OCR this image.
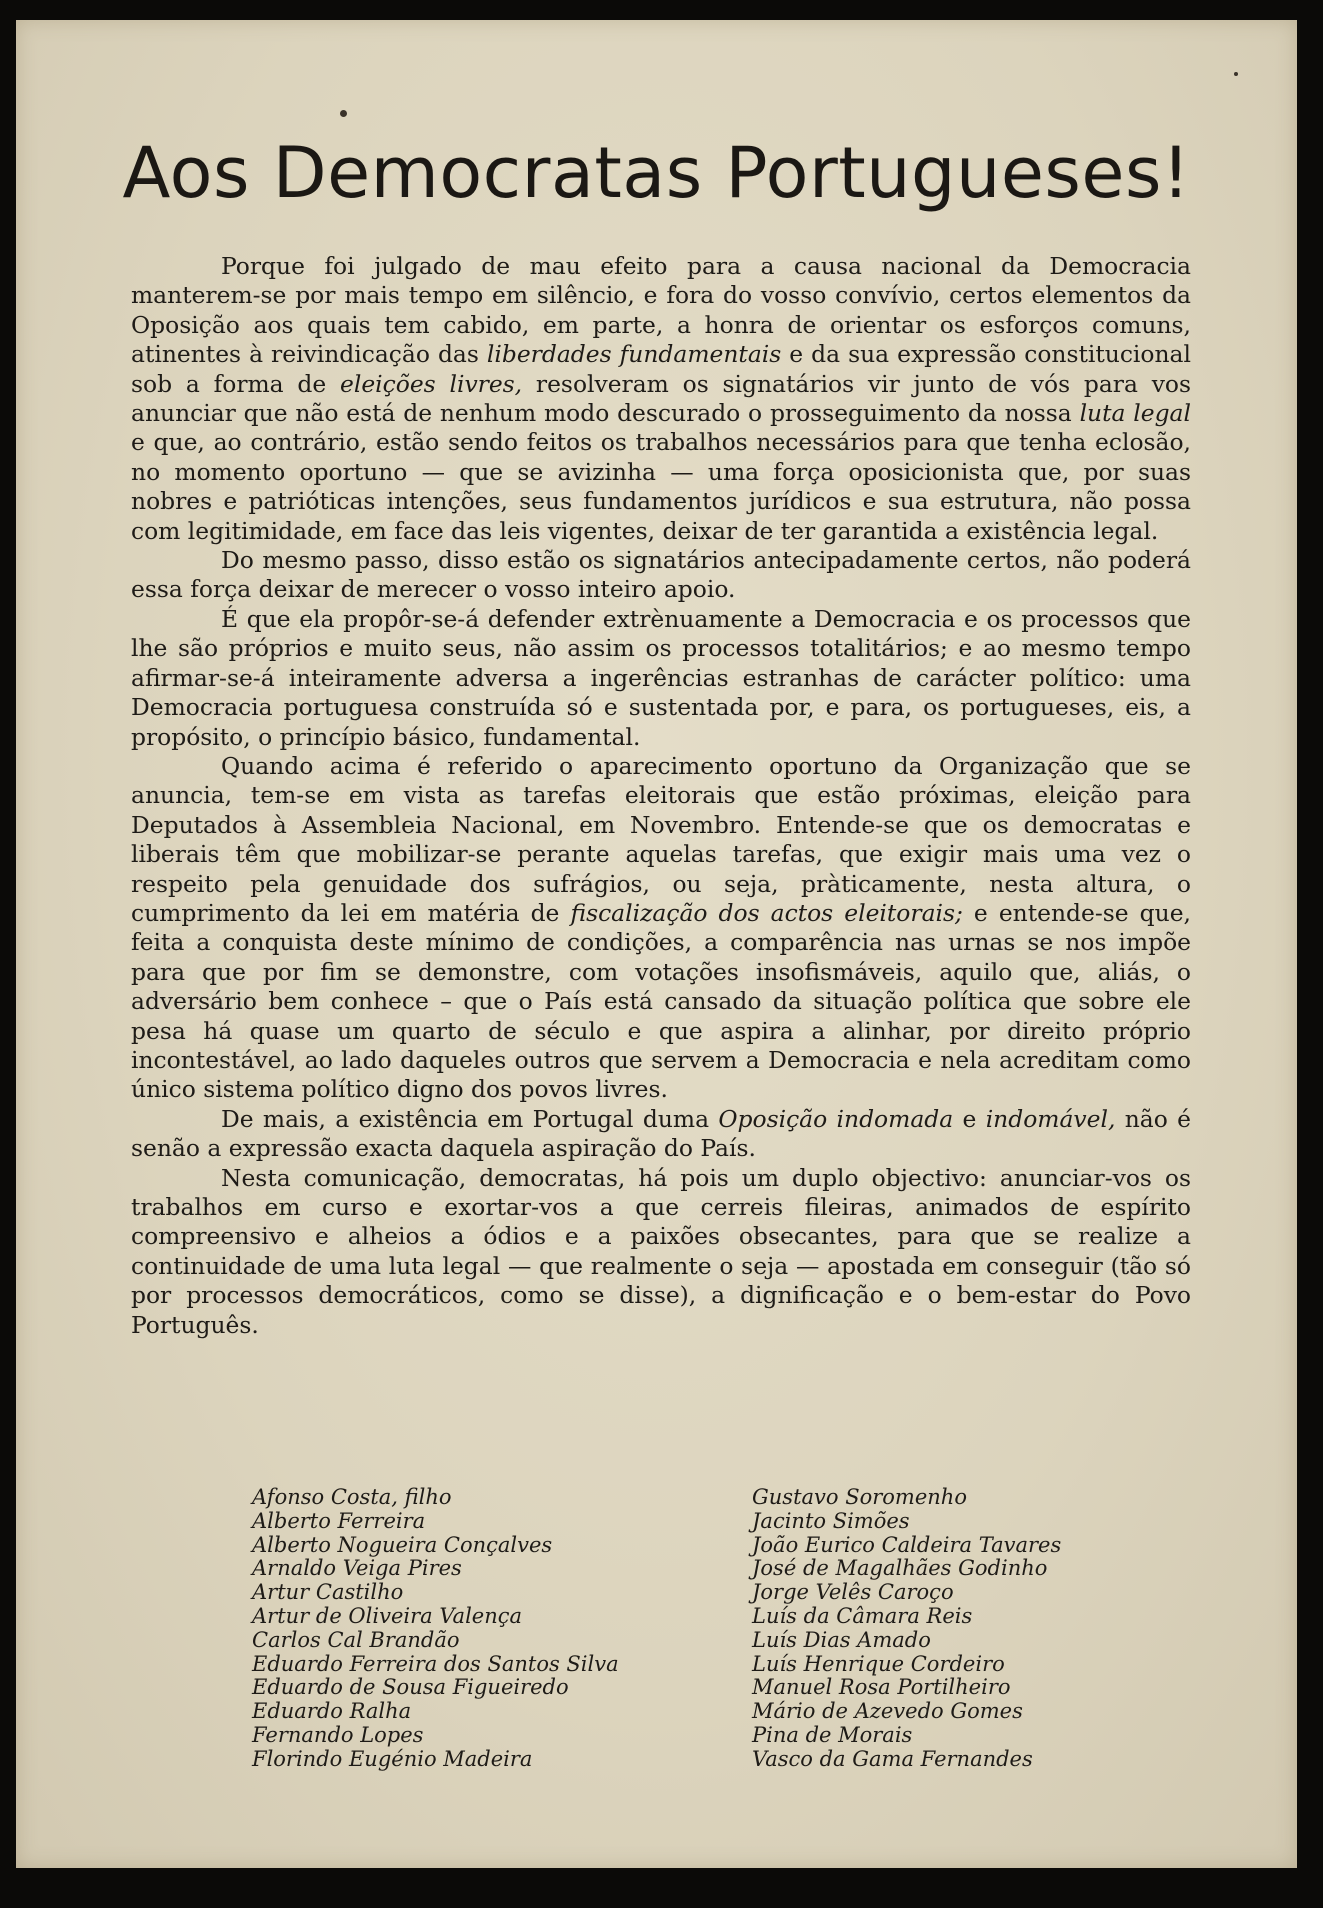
Aos Democratas Portugueses!

Porque foi julgado de mau efeito para a causa nacional da Democracia manterem-se por mais tempo em silêncio, e fora do vosso convívio, certos elementos da Oposição aos quais tem cabido, em parte, a honra de orientar os esforços comuns, atinentes à reivindicação das liberdades fundamentais e da sua expressão constitucional sob a forma de eleições livres, resolveram os signatários vir junto de vós para vos anunciar que não está de nenhum modo descurado o prosseguimento da nossa luta legal e que, ao contrário, estão sendo feitos os trabalhos necessários para que tenha eclosão, no momento oportuno — que se avizinha — uma força oposicionista que, por suas nobres e patrióticas intenções, seus fundamentos jurídicos e sua estrutura, não possa com legitimidade, em face das leis vigentes, deixar de ter garantida a existência legal.

Do mesmo passo, disso estão os signatários antecipadamente certos, não poderá essa força deixar de merecer o vosso inteiro apoio.

É que ela propôr-se-á defender extrènuamente a Democracia e os processos que lhe são próprios e muito seus, não assim os processos totalitários; e ao mesmo tempo afirmar-se-á inteiramente adversa a ingerências estranhas de carácter político: uma Democracia portuguesa construída só e sustentada por, e para, os portugueses, eis, a propósito, o princípio básico, fundamental.

Quando acima é referido o aparecimento oportuno da Organização que se anuncia, tem-se em vista as tarefas eleitorais que estão próximas, eleição para Deputados à Assembleia Nacional, em Novembro. Entende-se que os democratas e liberais têm que mobilizar-se perante aquelas tarefas, que exigir mais uma vez o respeito pela genuidade dos sufrágios, ou seja, pràticamente, nesta altura, o cumprimento da lei em matéria de fiscalização dos actos eleitorais; e entende-se que, feita a conquista deste mínimo de condições, a comparência nas urnas se nos impõe para que por fim se demonstre, com votações insofismáveis, aquilo que, aliás, o adversário bem conhece – que o País está cansado da situação política que sobre ele pesa há quase um quarto de século e que aspira a alinhar, por direito próprio incontestável, ao lado daqueles outros que servem a Democracia e nela acreditam como único sistema político digno dos povos livres.

De mais, a existência em Portugal duma Oposição indomada e indomável, não é senão a expressão exacta daquela aspiração do País.

Nesta comunicação, democratas, há pois um duplo objectivo: anunciar-vos os trabalhos em curso e exortar-vos a que cerreis fileiras, animados de espírito compreensivo e alheios a ódios e a paixões obsecantes, para que se realize a continuidade de uma luta legal — que realmente o seja — apostada em conseguir (tão só por processos democráticos, como se disse), a dignificação e o bem-estar do Povo Português.

Afonso Costa, filho
Alberto Ferreira
Alberto Nogueira Conçalves
Arnaldo Veiga Pires
Artur Castilho
Artur de Oliveira Valença
Carlos Cal Brandão
Eduardo Ferreira dos Santos Silva
Eduardo de Sousa Figueiredo
Eduardo Ralha
Fernando Lopes
Florindo Eugénio Madeira
Gustavo Soromenho
Jacinto Simões
João Eurico Caldeira Tavares
José de Magalhães Godinho
Jorge Velês Caroço
Luís da Câmara Reis
Luís Dias Amado
Luís Henrique Cordeiro
Manuel Rosa Portilheiro
Mário de Azevedo Gomes
Pina de Morais
Vasco da Gama Fernandes
